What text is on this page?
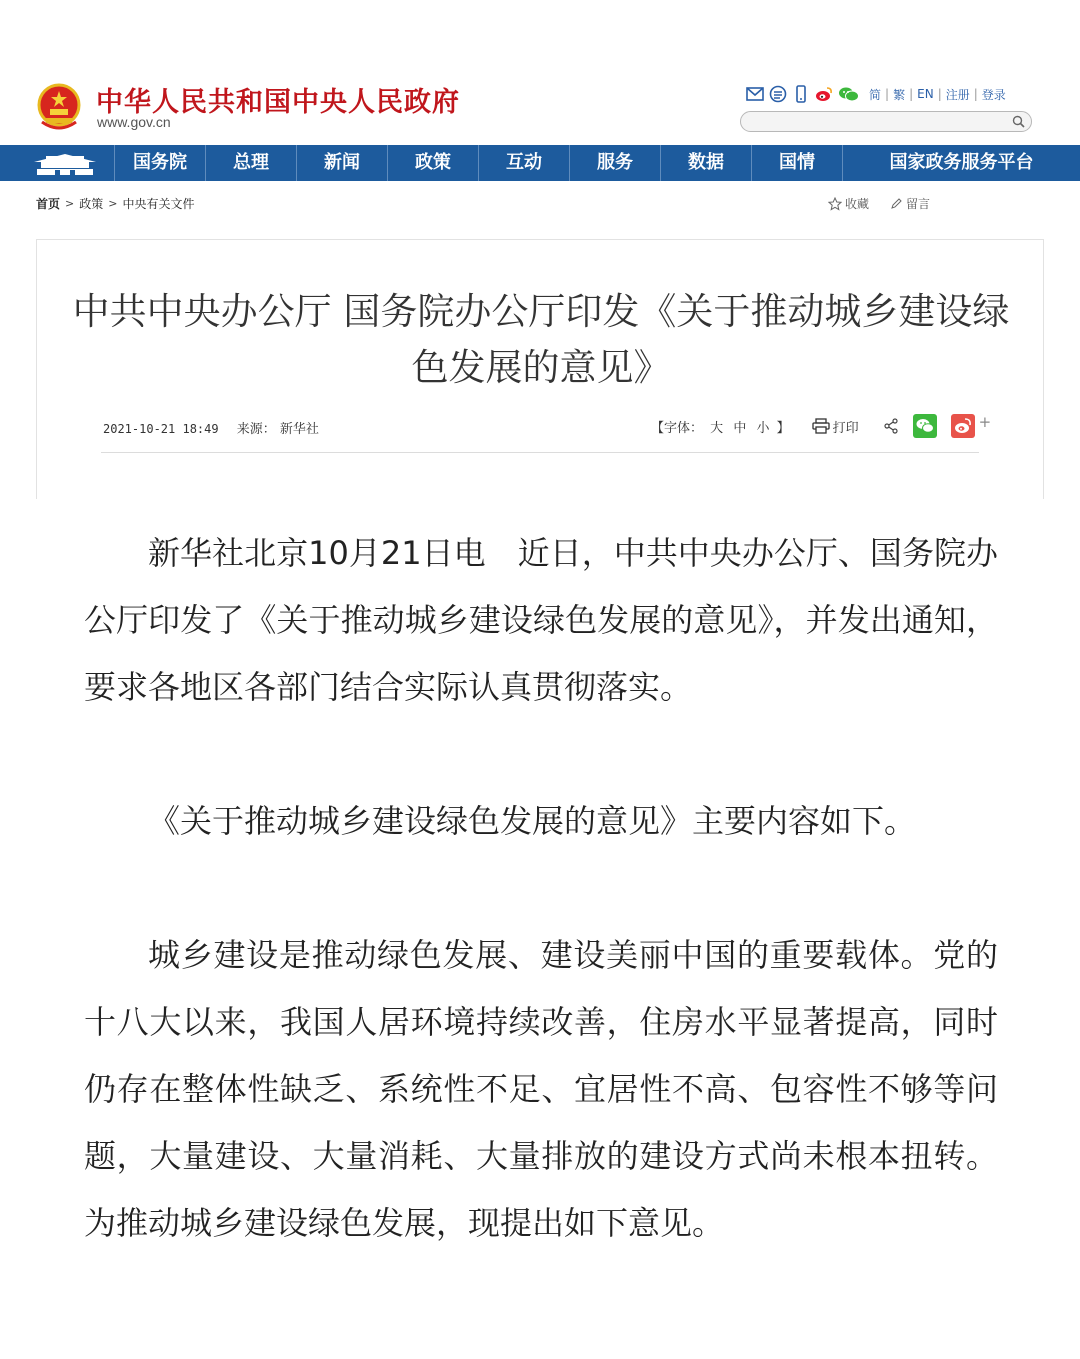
中华人民共和国中央人民政府
www.gov.cn
简 | 繁 | EN | 注册 | 登录
国务院	总理	新闻	政策	互动	服务	数据	国情	国家政务服务平台
首页 > 政策 > 中央有关文件	收藏	留言
中共中央办公厅 国务院办公厅印发《关于推动城乡建设绿色发展的意见》
2021-10-21 18:49 来源： 新华社	【字体： 大 中 小 】	打印	+

新华社北京10月21日电　近日，中共中央办公厅、国务院办公厅印发了《关于推动城乡建设绿色发展的意见》，并发出通知，要求各地区各部门结合实际认真贯彻落实。

《关于推动城乡建设绿色发展的意见》主要内容如下。

城乡建设是推动绿色发展、建设美丽中国的重要载体。党的十八大以来，我国人居环境持续改善，住房水平显著提高，同时仍存在整体性缺乏、系统性不足、宜居性不高、包容性不够等问题，大量建设、大量消耗、大量排放的建设方式尚未根本扭转。为推动城乡建设绿色发展，现提出如下意见。
